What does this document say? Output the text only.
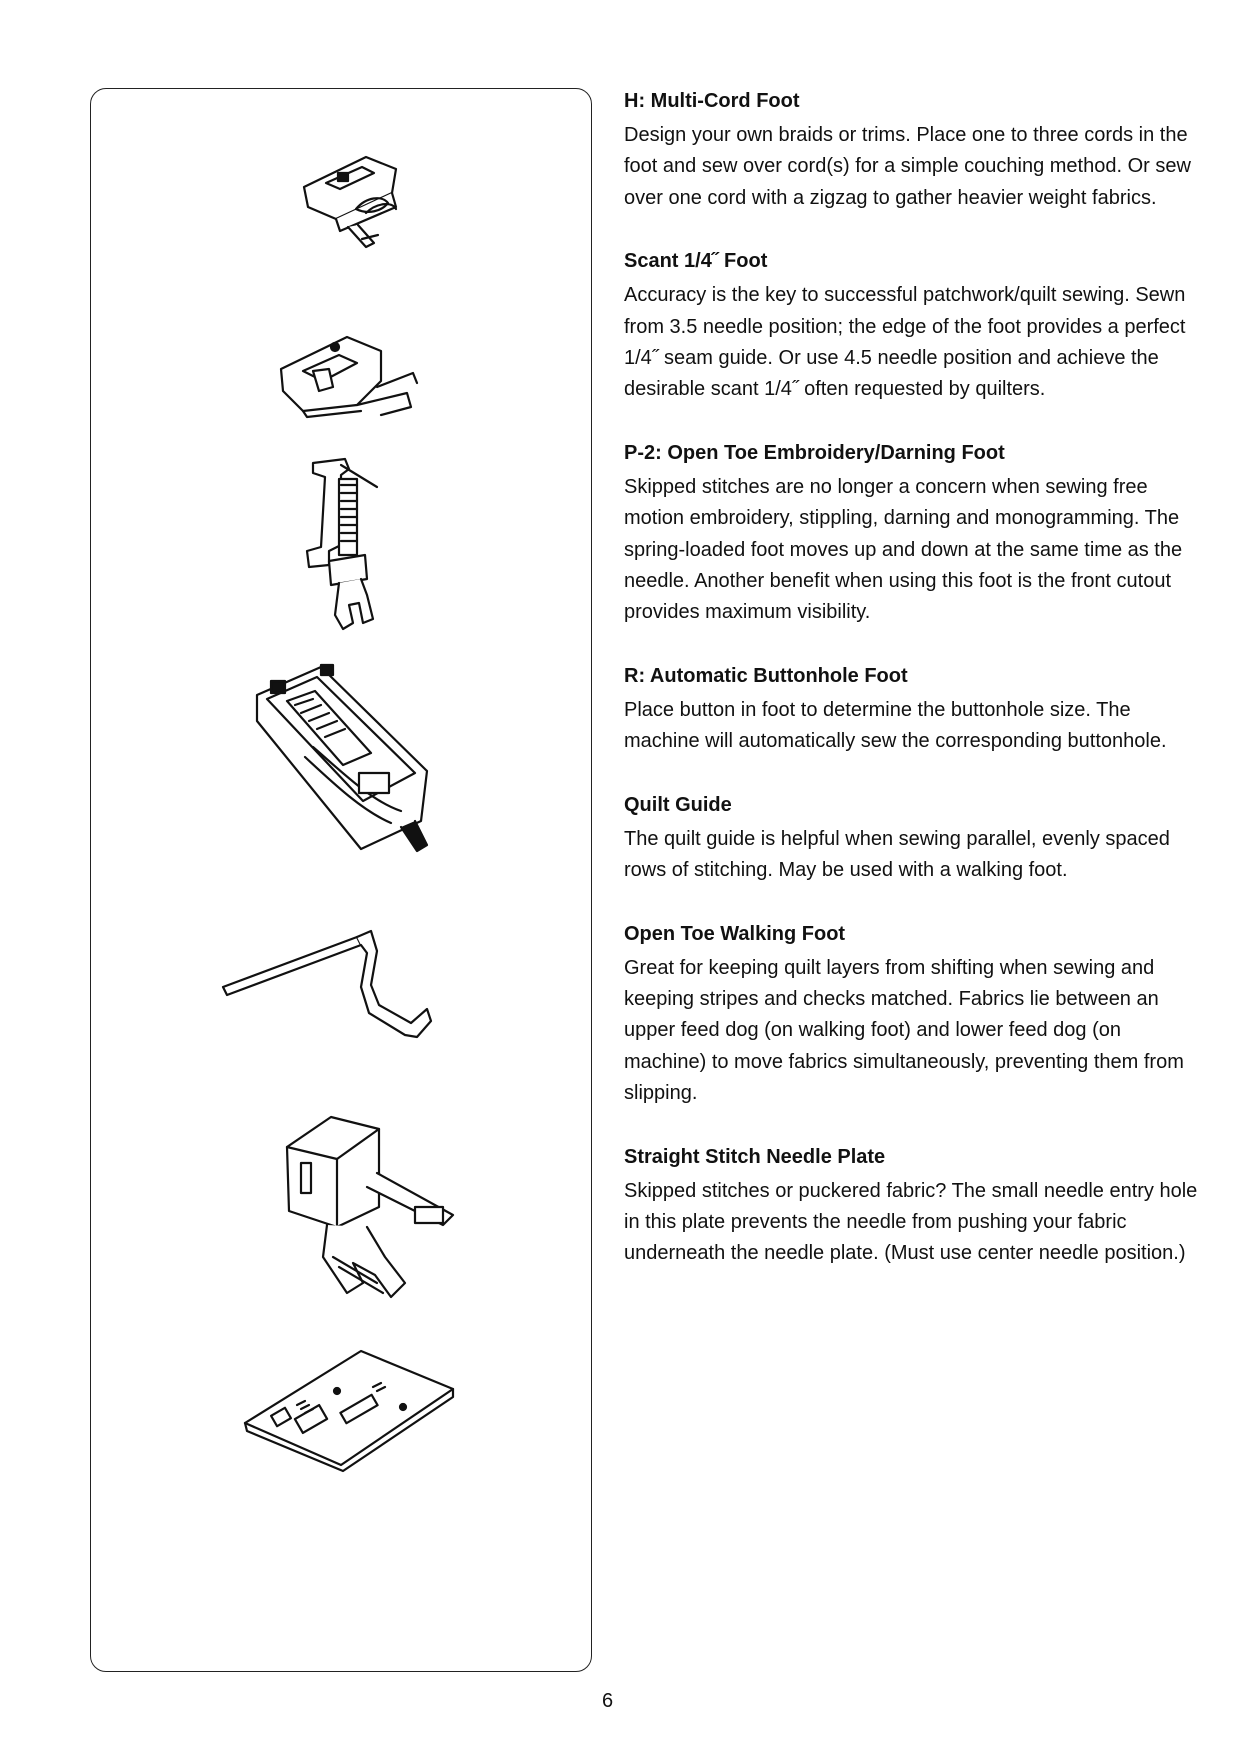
H: Multi-Cord Foot

Design your own braids or trims. Place one to three cords in the foot and sew over cord(s) for a simple couching method. Or sew over one cord with a zigzag to gather heavier weight fabrics.

Scant 1/4˝ Foot

Accuracy is the key to successful patchwork/quilt sewing. Sewn from 3.5 needle position; the edge of the foot provides a perfect 1/4˝ seam guide. Or use 4.5 needle position and achieve the desirable scant 1/4˝ often requested by quilters.

P-2: Open Toe Embroidery/Darning Foot

Skipped stitches are no longer a concern when sewing free motion embroidery, stippling, darning and monogramming. The spring-loaded foot moves up and down at the same time as the needle. Another benefit when using this foot is the front cutout provides maximum visibility.

R: Automatic Buttonhole Foot

Place button in foot to determine the buttonhole size. The machine will automatically sew the corresponding buttonhole.

Quilt Guide

The quilt guide is helpful when sewing parallel, evenly spaced rows of stitching. May be used with a walking foot.

Open Toe Walking Foot

Great for keeping quilt layers from shifting when sewing and keeping stripes and checks matched. Fabrics lie between an upper feed dog (on walking foot) and lower feed dog (on machine) to move fabrics simultaneously, preventing them from slipping.

Straight Stitch Needle Plate

Skipped stitches or puckered fabric? The small needle entry hole in this plate prevents the needle from pushing your fabric underneath the needle plate. (Must use center needle position.)

6
